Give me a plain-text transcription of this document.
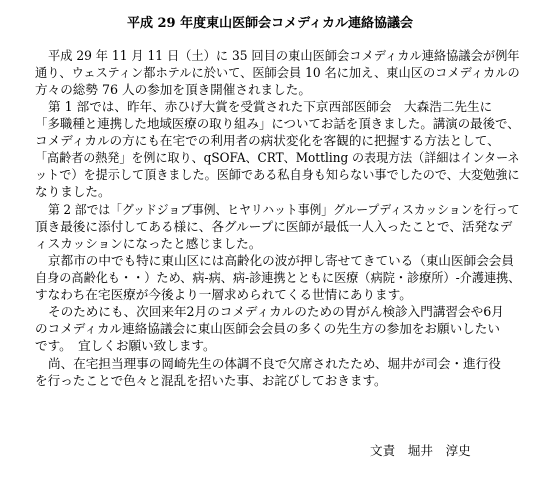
平成 29 年度東山医師会コメディカル連絡協議会
平成 29 年 11 月 11 日（土）に 35 回目の東山医師会コメディカル連絡協議会が例年
通り、ウェスティン都ホテルに於いて、医師会員 10 名に加え、東山区のコメディカルの
方々の総勢 76 人の参加を頂き開催されました。
第 1 部では、昨年、赤ひげ大賞を受賞された下京西部医師会　大森浩二先生に
「多職種と連携した地域医療の取り組み」についてお話を頂きました。講演の最後で、
コメディカルの方にも在宅での利用者の病状変化を客観的に把握する方法として、
「高齢者の熱発」を例に取り、qSOFA、CRT、Mottling の表現方法（詳細はインターネ
ットで）を提示して頂きました。医師である私自身も知らない事でしたので、大変勉強に
なりました。
第 2 部では「グッドジョブ事例、ヒヤリハット事例」グループディスカッションを行って
頂き最後に添付してある様に、各グループに医師が最低一人入ったことで、活発なデ
ィスカッションになったと感じました。
京都市の中でも特に東山区には高齢化の波が押し寄せてきている（東山医師会会員
自身の高齢化も・・）ため、病‐病、病‐診連携とともに医療（病院・診療所）‐介護連携、
すなわち在宅医療が今後より一層求められてくる世情にあります。
そのためにも、次回来年2月のコメディカルのための胃がん検診入門講習会や6月
のコメディカル連絡協議会に東山医師会会員の多くの先生方の参加をお願いしたい
です。　宜しくお願い致します。
尚、在宅担当理事の岡崎先生の体調不良で欠席されたため、堀井が司会・進行役
を行ったことで色々と混乱を招いた事、お詫びしておきます。
文責　堀井　淳史
